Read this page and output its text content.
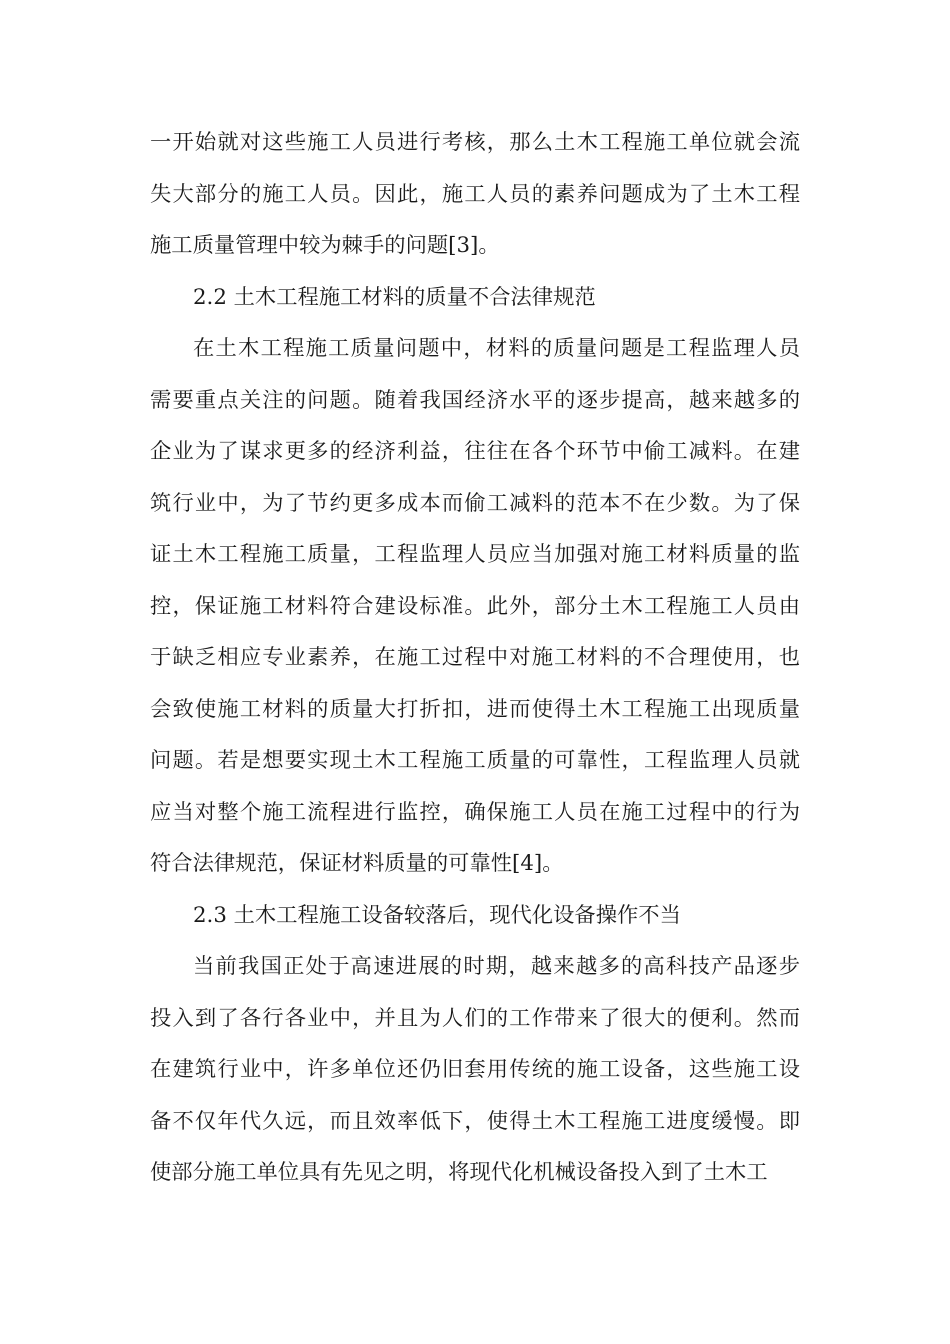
一开始就对这些施工人员进行考核，那么土木工程施工单位就会流
失大部分的施工人员。因此，施工人员的素养问题成为了土木工程
施工质量管理中较为棘手的问题[3]。
2.2 土木工程施工材料的质量不合法律规范
在土木工程施工质量问题中，材料的质量问题是工程监理人员
需要重点关注的问题。随着我国经济水平的逐步提高，越来越多的
企业为了谋求更多的经济利益，往往在各个环节中偷工减料。在建
筑行业中，为了节约更多成本而偷工减料的范本不在少数。为了保
证土木工程施工质量，工程监理人员应当加强对施工材料质量的监
控，保证施工材料符合建设标准。此外，部分土木工程施工人员由
于缺乏相应专业素养，在施工过程中对施工材料的不合理使用，也
会致使施工材料的质量大打折扣，进而使得土木工程施工出现质量
问题。若是想要实现土木工程施工质量的可靠性，工程监理人员就
应当对整个施工流程进行监控，确保施工人员在施工过程中的行为
符合法律规范，保证材料质量的可靠性[4]。
2.3 土木工程施工设备较落后，现代化设备操作不当
当前我国正处于高速进展的时期，越来越多的高科技产品逐步
投入到了各行各业中，并且为人们的工作带来了很大的便利。然而
在建筑行业中，许多单位还仍旧套用传统的施工设备，这些施工设
备不仅年代久远，而且效率低下，使得土木工程施工进度缓慢。即
使部分施工单位具有先见之明，将现代化机械设备投入到了土木工
